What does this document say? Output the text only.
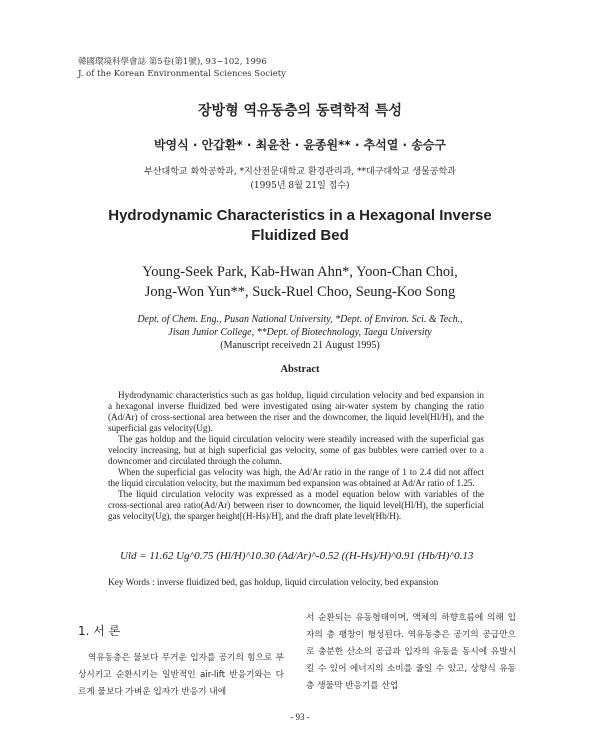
韓國環境科學會誌 第5卷(第1號), 93~102, 1996
J. of the Korean Environmental Sciences Society
장방형 역유동층의 동력학적 특성
박영식 · 안갑환* · 최윤찬 · 윤종원** · 추석열 · 송승구
부산대학교 화학공학과, *지산전문대학교 환경관리과, **대구대학교 생물공학과
(1995년 8월 21일 접수)
Hydrodynamic Characteristics in a Hexagonal Inverse
Fluidized Bed
Young-Seek Park, Kab-Hwan Ahn*, Yoon-Chan Choi,
Jong-Won Yun**, Suck-Ruel Choo, Seung-Koo Song
Dept. of Chem. Eng., Pusan National University, *Dept. of Environ. Sci. & Tech.,
Jisan Junior College, **Dept. of Biotechnology, Taegu University
(Manuscript receivedn 21 August 1995)
Abstract

Hydrodynamic characteristics such as gas holdup, liquid circulation velocity and bed expansion in a hexagonal inverse fluidized bed were investigated using air-water system by changing the ratio (Ad/Ar) of cross-sectional area between the riser and the downcomer, the liquid level(Hl/H), and the superficial gas velocity(Ug).

The gas holdup and the liquid circulation velocity were steadily increased with the superficial gas velocity increasing, but at high superficial gas velocity, some of gas bubbles were carried over to a downcomer and circulated through the column.

When the superficial gas velocity was high, the Ad/Ar ratio in the range of 1 to 2.4 did not affect the liquid circulation velocity, but the maximum bed expansion was obtained at Ad/Ar ratio of 1.25.

The liquid circulation velocity was expressed as a model equation below with variables of the cross-sectional area ratio(Ad/Ar) between riser to downcomer, the liquid level(Hl/H), the superficial gas velocity(Ug), the sparger height[(H-Hs)/H], and the draft plate level(Hb/H).

Uld = 11.62 Ug^0.75 (Hl/H)^10.30 (Ad/Ar)^-0.52 ((H-Hs)/H)^0.91 (Hb/H)^0.13
Key Words : inverse fluidized bed, gas holdup, liquid circulation velocity, bed expansion
1. 서 론

역유동층은 물보다 무거운 입자를 공기의 힘으로 부상시키고 순환시키는 일반적인 air-lift 반응기와는 다르게 물보다 가벼운 입자가 반응기 내에

서 순환되는 유동형태이며, 액체의 하향흐름에 의해 입자의 층 팽창이 형성된다. 역유동층은 공기의 공급만으로 충분한 산소의 공급과 입자의 유동을 동시에 유발시킬 수 있어 에너지의 소비를 줄일 수 있고, 상향식 유동층 생물막 반응기를 산업

- 93 -
